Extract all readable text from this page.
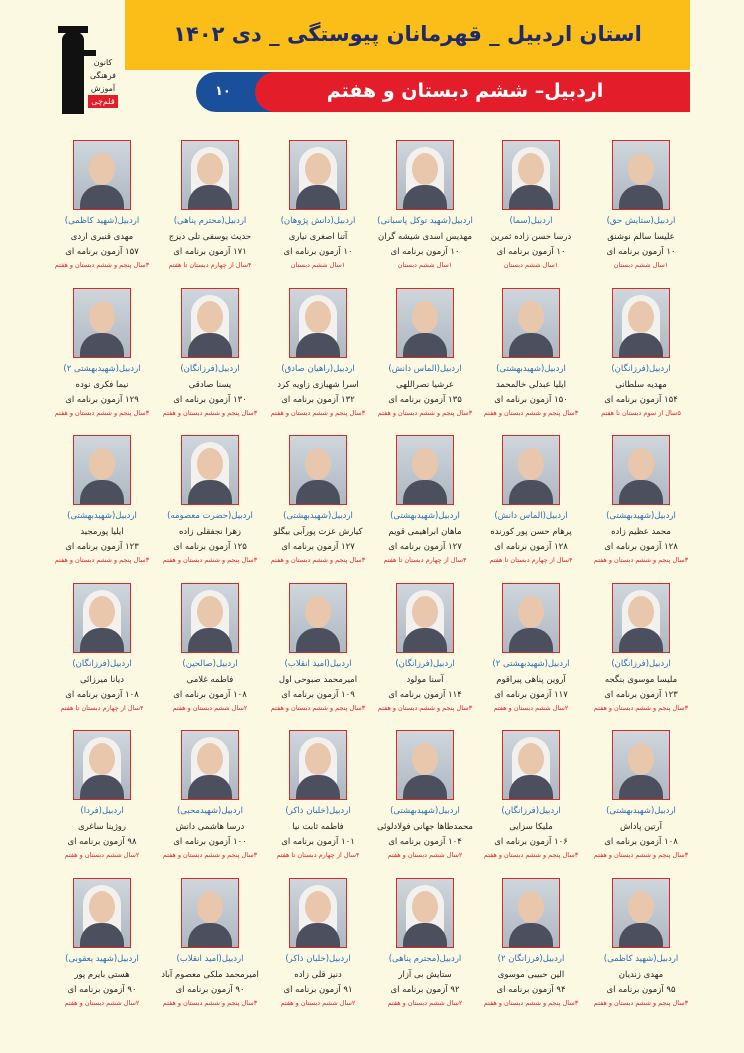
کانون
فرهنگی
آموزش
قلم‌چی
استان اردبیل _ قهرمانان پیوستگی _ دی ۱۴۰۲
اردبیل– ششم دبستان و هفتم
۱۰
اردبیل(ستایش حق)
علیسا سالم نوشنق
۱۰ آزمون برنامه ای
۱سال ششم دبستان
اردبیل(سما)
درسا حسن زاده ثمرین
۱۰ آزمون برنامه ای
۱سال ششم دبستان
اردبیل(شهید توکل پاسبانی)
مهدیس اسدی شیشه گران
۱۰ آزمون برنامه ای
۱سال ششم دبستان
اردبیل(دانش پژوهان)
آتنا اصغری نیاری
۱۰ آزمون برنامه ای
۱سال ششم دبستان
اردبیل(محترم پناهی)
حدیث یوسفی تلی دیزج
۱۷۱ آزمون برنامه ای
۴سال از چهارم دبستان تا هفتم
اردبیل(شهید کاظمی)
مهدی قنبری اردی
۱۵۷ آزمون برنامه ای
۳سال پنجم و ششم دبستان و هفتم
اردبیل(فرزانگان)
مهدیه سلطانی
۱۵۴ آزمون برنامه ای
۵سال از سوم دبستان تا هفتم
اردبیل(شهیدبهشتی)
ایلیا عبدلی خالمحمد
۱۵۰ آزمون برنامه ای
۳سال پنجم و ششم دبستان و هفتم
اردبیل(الماس دانش)
عرشیا نصراللهی
۱۳۵ آزمون برنامه ای
۳سال پنجم و ششم دبستان و هفتم
اردبیل(راهیان صادق)
اسرا شهبازی زاویه کرد
۱۳۲ آزمون برنامه ای
۳سال پنجم و ششم دبستان و هفتم
اردبیل(فرزانگان)
یسنا صادقی
۱۳۰ آزمون برنامه ای
۳سال پنجم و ششم دبستان و هفتم
اردبیل(شهیدبهشتی ۲)
نیما فکری نوده
۱۲۹ آزمون برنامه ای
۳سال پنجم و ششم دبستان و هفتم
اردبیل(شهیدبهشتی)
محمد عظیم زاده
۱۲۸ آزمون برنامه ای
۳سال پنجم و ششم دبستان و هفتم
اردبیل(الماس دانش)
پرهام حسن پور کورنده
۱۲۸ آزمون برنامه ای
۴سال از چهارم دبستان تا هفتم
اردبیل(شهیدبهشتی)
ماهان ابراهیمی قویم
۱۲۷ آزمون برنامه ای
۴سال از چهارم دبستان تا هفتم
اردبیل(شهیدبهشتی)
کیارش عزت پورآبی بیگلو
۱۲۷ آزمون برنامه ای
۳سال پنجم و ششم دبستان و هفتم
اردبیل(حضرت معصومه)
زهرا نجفقلی زاده
۱۲۵ آزمون برنامه ای
۳سال پنجم و ششم دبستان و هفتم
اردبیل(شهیدبهشتی)
ایلیا پورمجید
۱۲۳ آزمون برنامه ای
۳سال پنجم و ششم دبستان و هفتم
اردبیل(فرزانگان)
ملیسا موسوی بنگجه
۱۲۳ آزمون برنامه ای
۳سال پنجم و ششم دبستان و هفتم
اردبیل(شهیدبهشتی ۲)
آروین پناهی پیراقوم
۱۱۷ آزمون برنامه ای
۲سال ششم دبستان و هفتم
اردبیل(فرزانگان)
آسنا مولود
۱۱۴ آزمون برنامه ای
۳سال پنجم و ششم دبستان و هفتم
اردبیل(امید انقلاب)
امیرمحمد صبوحی اول
۱۰۹ آزمون برنامه ای
۳سال پنجم و ششم دبستان و هفتم
اردبیل(صالحین)
فاطمه غلامی
۱۰۸ آزمون برنامه ای
۲سال ششم دبستان و هفتم
اردبیل(فرزانگان)
دیانا میرزائی
۱۰۸ آزمون برنامه ای
۴سال از چهارم دبستان تا هفتم
اردبیل(شهیدبهشتی)
آرتین پاداش
۱۰۸ آزمون برنامه ای
۳سال پنجم و ششم دبستان و هفتم
اردبیل(فرزانگان)
ملیکا سزایی
۱۰۶ آزمون برنامه ای
۳سال پنجم و ششم دبستان و هفتم
اردبیل(شهیدبهشتی)
محمدطاها جهانی فولادلوئی
۱۰۴ آزمون برنامه ای
۲سال ششم دبستان و هفتم
اردبیل(خلبان ذاکر)
فاطمه ثابت نیا
۱۰۱ آزمون برنامه ای
۴سال از چهارم دبستان تا هفتم
اردبیل(شهیدمحبی)
درسا هاشمی دانش
۱۰۰ آزمون برنامه ای
۳سال پنجم و ششم دبستان و هفتم
اردبیل(فردا)
روژینا ساغری
۹۸ آزمون برنامه ای
۲سال ششم دبستان و هفتم
اردبیل(شهید کاظمی)
مهدی زندیان
۹۵ آزمون برنامه ای
۳سال پنجم و ششم دبستان و هفتم
اردبیل(فرزانگان ۲)
الین حبیبی موسوی
۹۴ آزمون برنامه ای
۳سال پنجم و ششم دبستان و هفتم
اردبیل(محترم پناهی)
ستایش بی آزار
۹۲ آزمون برنامه ای
۲سال ششم دبستان و هفتم
اردبیل(خلبان ذاکر)
دنیز قلی زاده
۹۱ آزمون برنامه ای
۲سال ششم دبستان و هفتم
اردبیل(امید انقلاب)
امیرمحمد ملکی معصوم آباد
۹۰ آزمون برنامه ای
۳سال پنجم و ششم دبستان و هفتم
اردبیل(شهید یعقوبی)
هستی بایرم پور
۹۰ آزمون برنامه ای
۲سال ششم دبستان و هفتم
